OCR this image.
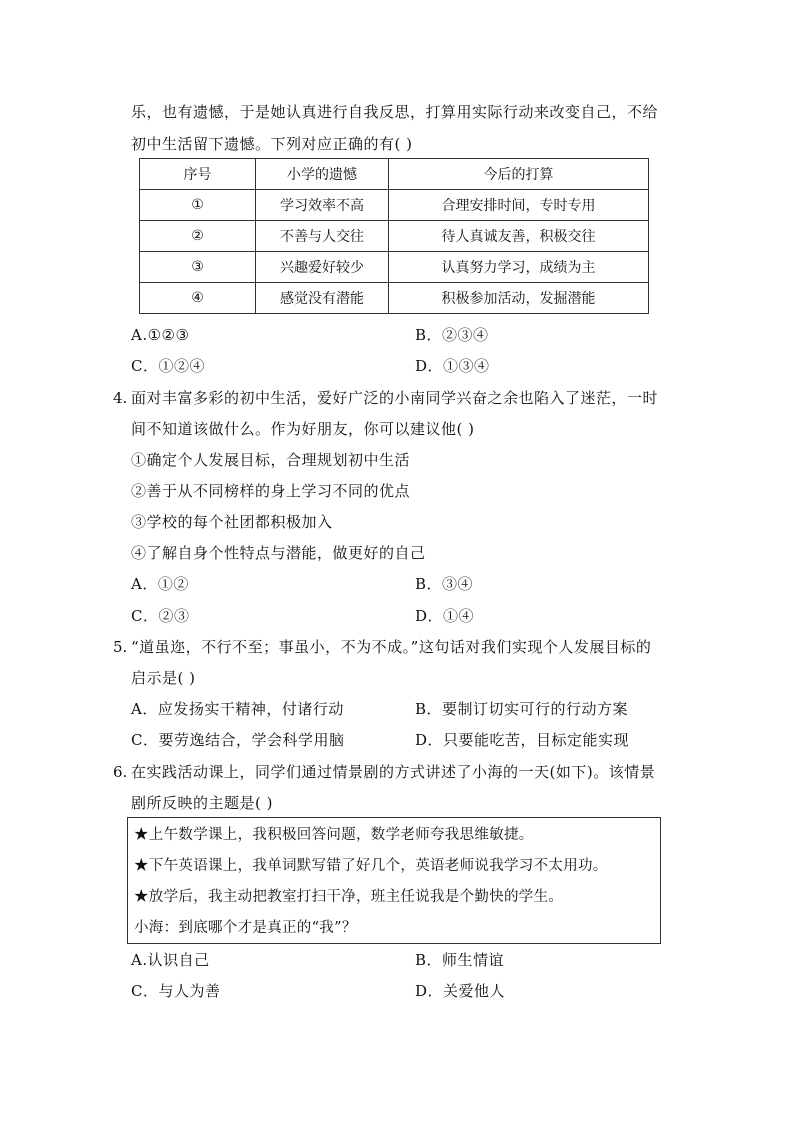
乐，也有遗憾，于是她认真进行自我反思，打算用实际行动来改变自己，不给
初中生活留下遗憾。下列对应正确的有( )
序号	小学的遗憾	今后的打算
①	学习效率不高	合理安排时间，专时专用
②	不善与人交往	待人真诚友善，积极交往
③	兴趣爱好较少	认真努力学习，成绩为主
④	感觉没有潜能	积极参加活动，发掘潜能
A.①②③	B．②③④
C．①②④	D．①③④
4. 面对丰富多彩的初中生活，爱好广泛的小南同学兴奋之余也陷入了迷茫，一时
间不知道该做什么。作为好朋友，你可以建议他( )
①确定个人发展目标，合理规划初中生活
②善于从不同榜样的身上学习不同的优点
③学校的每个社团都积极加入
④了解自身个性特点与潜能，做更好的自己
A．①②	B．③④
C．②③	D．①④
5. “道虽迩，不行不至；事虽小，不为不成。”这句话对我们实现个人发展目标的
启示是( )
A．应发扬实干精神，付诸行动	B．要制订切实可行的行动方案
C．要劳逸结合，学会科学用脑	D．只要能吃苦，目标定能实现
6. 在实践活动课上，同学们通过情景剧的方式讲述了小海的一天(如下)。该情景
剧所反映的主题是( )
★上午数学课上，我积极回答问题，数学老师夸我思维敏捷。
★下午英语课上，我单词默写错了好几个，英语老师说我学习不太用功。
★放学后，我主动把教室打扫干净，班主任说我是个勤快的学生。
小海：到底哪个才是真正的“我”？
A.认识自己	B．师生情谊
C．与人为善	D．关爱他人
